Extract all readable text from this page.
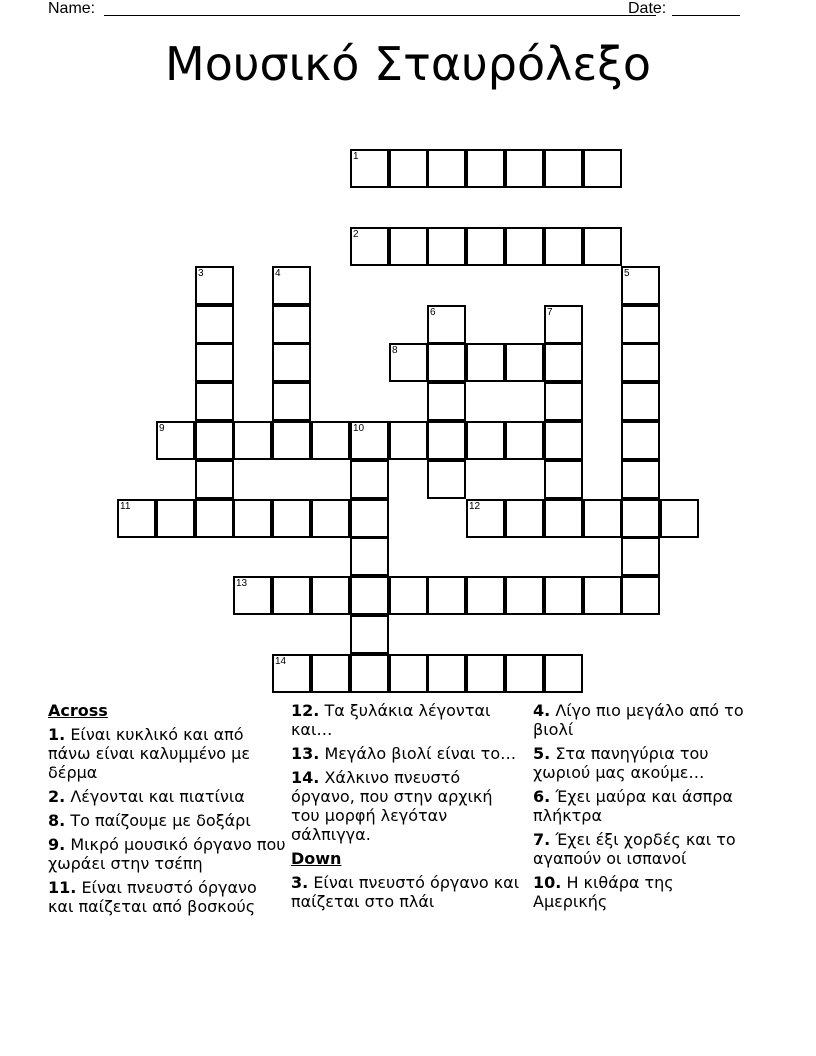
Name:	Date:
Μουσικό Σταυρόλεξο
1
2
3	4	5
6	7
8
9	10
11	12
13
14
Across
1. Είναι κυκλικό και από πάνω είναι καλυμμένο με δέρμα
2. Λέγονται και πιατίνια
8. Το παίζουμε με δοξάρι
9. Μικρό μουσικό όργανο που χωράει στην τσέπη
11. Είναι πνευστό όργανο και παίζεται από βοσκούς
12. Τα ξυλάκια λέγονται και…
13. Μεγάλο βιολί είναι το…
14. Χάλκινο πνευστό όργανο, που στην αρχική του μορφή λεγόταν σάλπιγγα.
Down
3. Είναι πνευστό όργανο και παίζεται στο πλάι
4. Λίγο πιο μεγάλο από το βιολί
5. Στα πανηγύρια του χωριού μας ακούμε…
6. Έχει μαύρα και άσπρα πλήκτρα
7. Έχει έξι χορδές και το αγαπούν οι ισπανοί
10. Η κιθάρα της Αμερικής
